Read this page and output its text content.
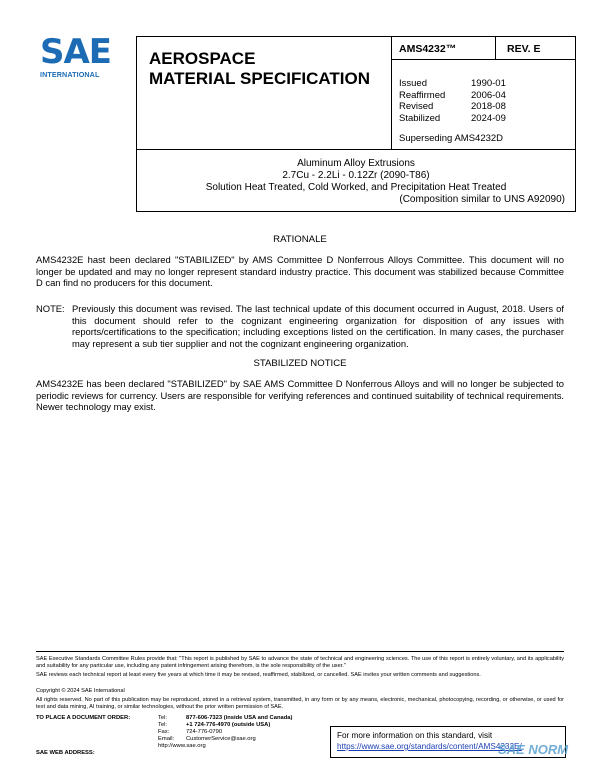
SAE
INTERNATIONAL
AEROSPACE
MATERIAL SPECIFICATION
AMS4232™	REV. E
Issued	1990-01
Reaffirmed	2006-04
Revised	2018-08
Stabilized	2024-09
Superseding AMS4232D
Aluminum Alloy Extrusions
2.7Cu - 2.2Li - 0.12Zr (2090-T86)
Solution Heat Treated, Cold Worked, and Precipitation Heat Treated
(Composition similar to UNS A92090)
RATIONALE
AMS4232E hast been declared "STABILIZED" by AMS Committee D Nonferrous Alloys Committee. This document will no longer be updated and may no longer represent standard industry practice. This document was stabilized because Committee D can find no producers for this document.
NOTE: Previously this document was revised. The last technical update of this document occurred in August, 2018. Users of this document should refer to the cognizant engineering organization for disposition of any issues with reports/certifications to the specification; including exceptions listed on the certification. In many cases, the purchaser may represent a sub tier supplier and not the cognizant engineering organization.
STABILIZED NOTICE
AMS4232E has been declared "STABILIZED" by SAE AMS Committee D Nonferrous Alloys and will no longer be subjected to periodic reviews for currency. Users are responsible for verifying references and continued suitability of technical requirements. Newer technology may exist.
SAE Executive Standards Committee Rules provide that: "This report is published by SAE to advance the state of technical and engineering sciences. The use of this report is entirely voluntary, and its applicability and suitability for any particular use, including any patent infringement arising therefrom, is the sole responsibility of the user."
SAE reviews each technical report at least every five years at which time it may be revised, reaffirmed, stabilized, or cancelled. SAE invites your written comments and suggestions.
Copyright © 2024 SAE International
All rights reserved. No part of this publication may be reproduced, stored in a retrieval system, transmitted, in any form or by any means, electronic, mechanical, photocopying, recording, or otherwise, or used for text and data mining, AI training, or similar technologies, without the prior written permission of SAE.
TO PLACE A DOCUMENT ORDER:	Tel:	877-606-7323 (inside USA and Canada)
Tel:	+1 724-776-4970 (outside USA)
Fax:	724-776-0790
Email: CustomerService@sae.org
http://www.sae.org
SAE WEB ADDRESS:
For more information on this standard, visit
https://www.sae.org/standards/content/AMS4232E/
SAE NORM
